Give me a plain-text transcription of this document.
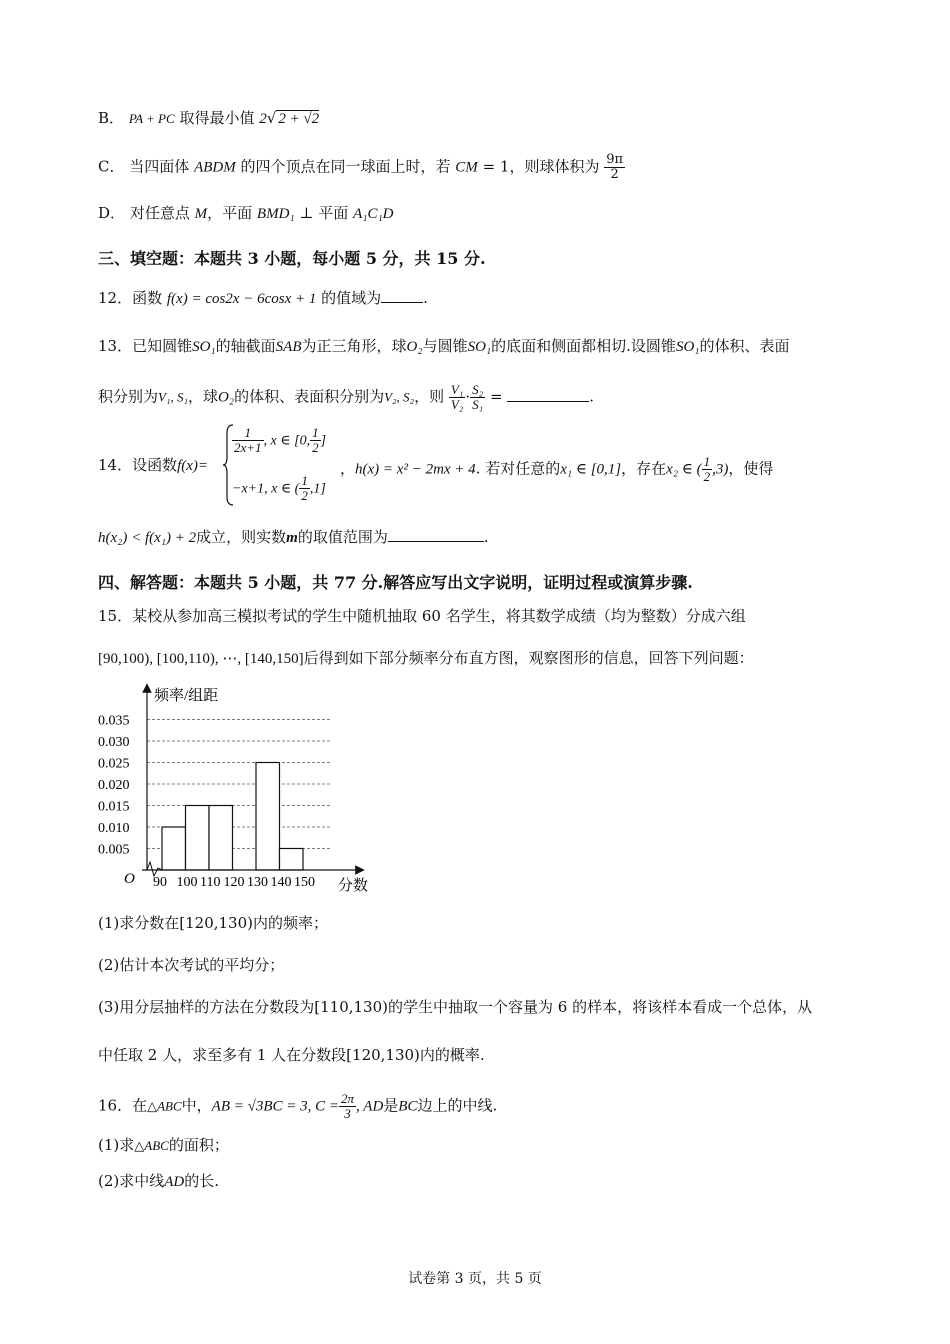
B． PA + PC 取得最小值 2√ 2 + √2
C． 当四面体 ABDM 的四个顶点在同一球面上时，若 CM = 1，则球体积为 $\frac{9\pi}{2}$
D． 对任意点 M，平面 BMD₁ ⊥ 平面 A₁C₁D
三、填空题：本题共 3 小题，每小题 5 分，共 15 分.
12．函数 f(x) = cos2x − 6cosx + 1 的值域为	.
13．已知圆锥SO₁的轴截面SAB为正三角形，球O₂与圆锥SO₁的底面和侧面都相切.设圆锥SO₁的体积、表面
积分别为V₁, S₁，球O₂的体积、表面积分别为V₂, S₂，则 $\frac{\text{V₁}}{\text{V₂}} \cdot \frac{\text{S₂}}{\text{S₁}}$ =	.
14．设函数f(x)=
$\frac{1}{2x+1}$ , x ∈ [0, $\frac{1}{2}$ ]
−x+1, x ∈ ( $\frac{1}{2} ,1$]
，h(x) = x² − 2mx + 4. 若对任意的x₁ ∈ [0,1]，存在x₂ ∈ ( $\frac{1}{2} ,3$)，使得
h(x₂) < f(x₁) + 2成立，则实数m的取值范围为	.
四、解答题：本题共 5 小题，共 77 分.解答应写出文字说明，证明过程或演算步骤.
15．某校从参加高三模拟考试的学生中随机抽取 60 名学生，将其数学成绩（均为整数）分成六组
[90,100), [100,110), ⋯, [140,150]后得到如下部分频率分布直方图，观察图形的信息，回答下列问题：
频率/组距
分数
O
0.035
0.030
0.025
0.020
0.015
0.010
0.005
90 100 110 120 130 140 150
(1)求分数在[120,130)内的频率；
(2)估计本次考试的平均分；
(3)用分层抽样的方法在分数段为[110,130)的学生中抽取一个容量为 6 的样本，将该样本看成一个总体，从
中任取 2 人，求至多有 1 人在分数段[120,130)内的概率.
16．在△ABC中，AB = √3BC = 3, $C = \frac{2\pi}{3}$ , AD是BC边上的中线.
(1)求△ABC的面积；
(2)求中线AD的长.
试卷第 3 页，共 5 页
